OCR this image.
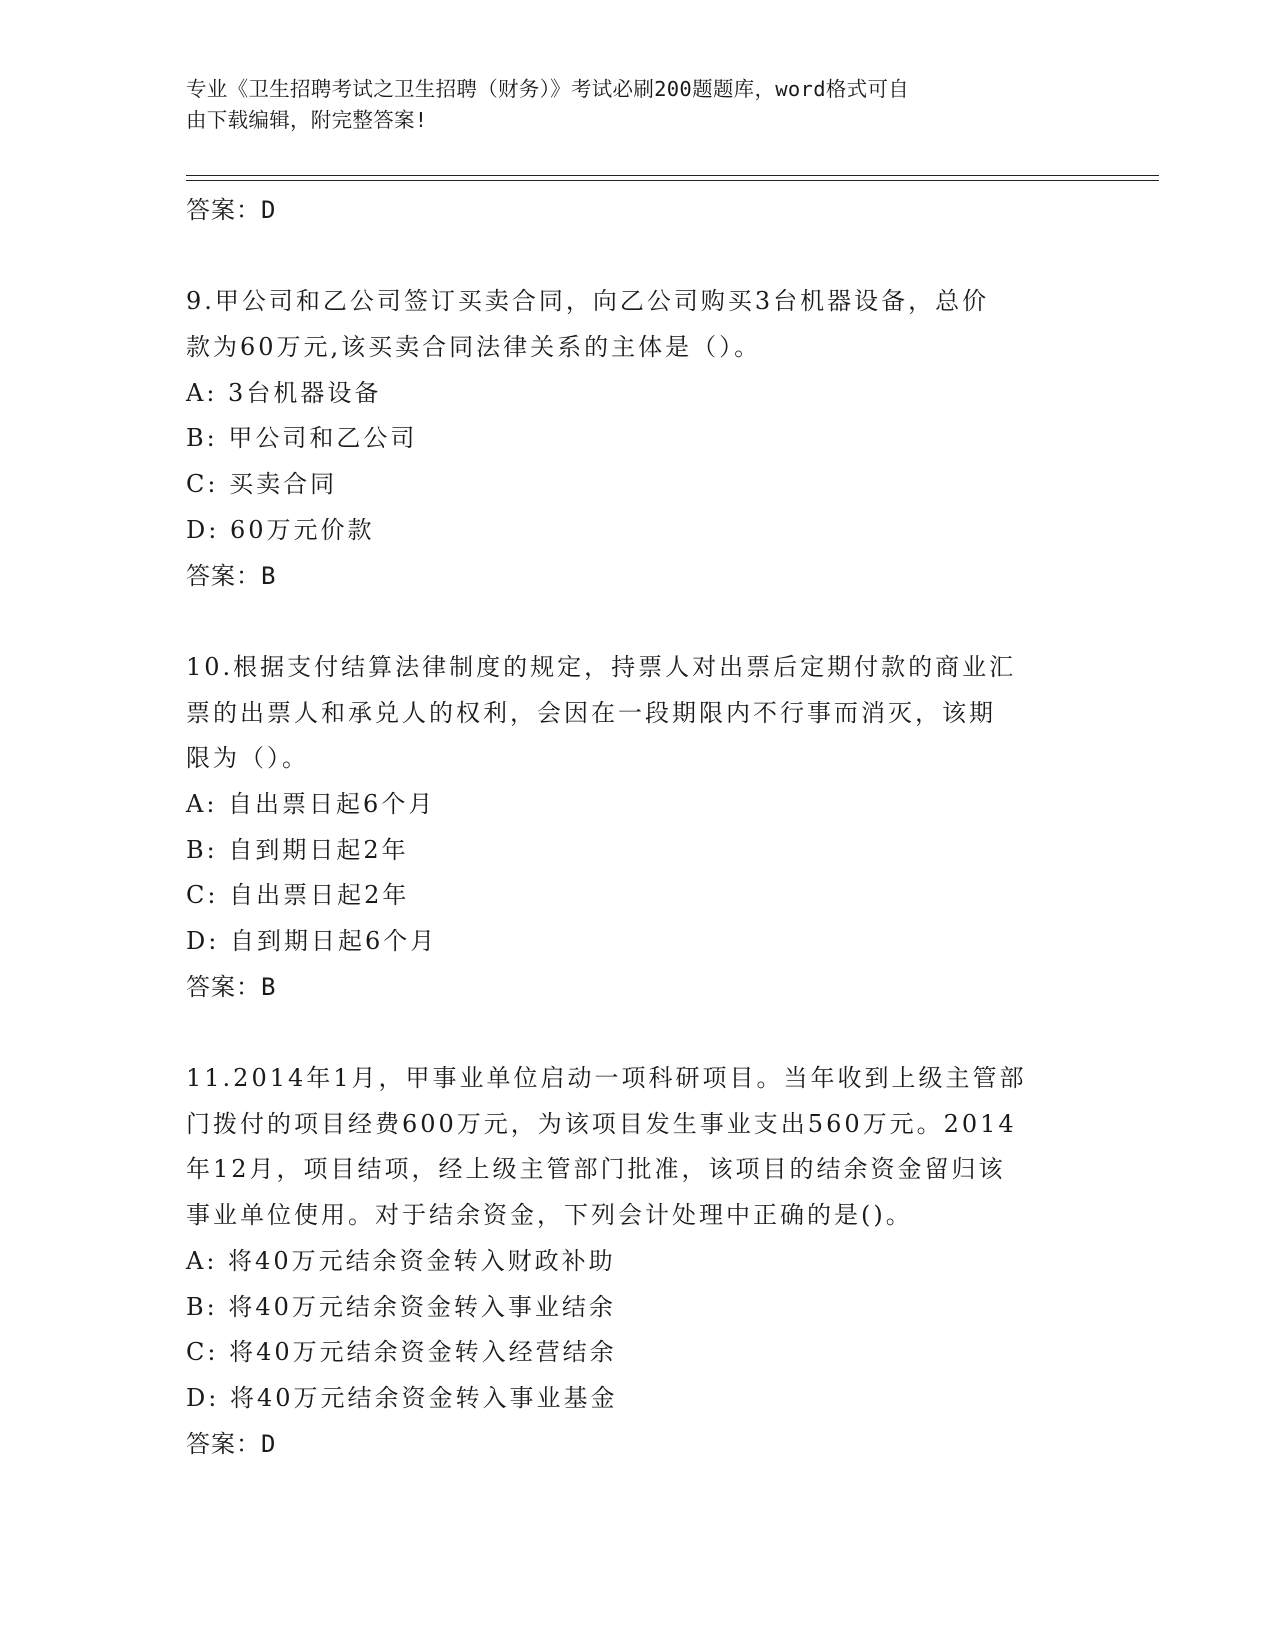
专业《卫生招聘考试之卫生招聘（财务）》考试必刷200题题库，word格式可自
由下载编辑，附完整答案!
答案：D
9.甲公司和乙公司签订买卖合同，向乙公司购买3台机器设备，总价
款为60万元,该买卖合同法律关系的主体是（）。
A: 3台机器设备
B: 甲公司和乙公司
C: 买卖合同
D: 60万元价款
答案：B
10.根据支付结算法律制度的规定，持票人对出票后定期付款的商业汇
票的出票人和承兑人的权利，会因在一段期限内不行事而消灭，该期
限为（）。
A: 自出票日起6个月
B: 自到期日起2年
C: 自出票日起2年
D: 自到期日起6个月
答案：B
11.2014年1月，甲事业单位启动一项科研项目。当年收到上级主管部
门拨付的项目经费600万元，为该项目发生事业支出560万元。2014
年12月，项目结项，经上级主管部门批准，该项目的结余资金留归该
事业单位使用。对于结余资金，下列会计处理中正确的是()。
A: 将40万元结余资金转入财政补助
B: 将40万元结余资金转入事业结余
C: 将40万元结余资金转入经营结余
D: 将40万元结余资金转入事业基金
答案：D
